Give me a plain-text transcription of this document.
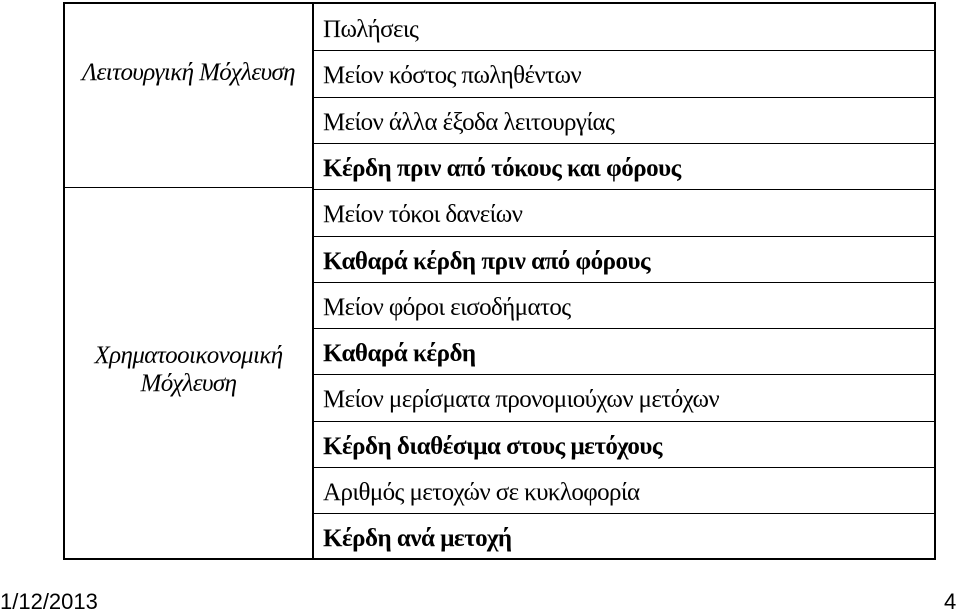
Λειτουργική Μόχλευση
Χρηματοοικονομική
Μόχλευση
Πωλήσεις
Μείον κόστος πωληθέντων
Μείον άλλα έξοδα λειτουργίας
Κέρδη πριν από τόκους και φόρους
Μείον τόκοι δανείων
Καθαρά κέρδη πριν από φόρους
Μείον φόροι εισοδήματος
Καθαρά κέρδη
Μείον μερίσματα προνομιούχων μετόχων
Κέρδη διαθέσιμα στους μετόχους
Αριθμός μετοχών σε κυκλοφορία
Κέρδη ανά μετοχή
1/12/2013	4
